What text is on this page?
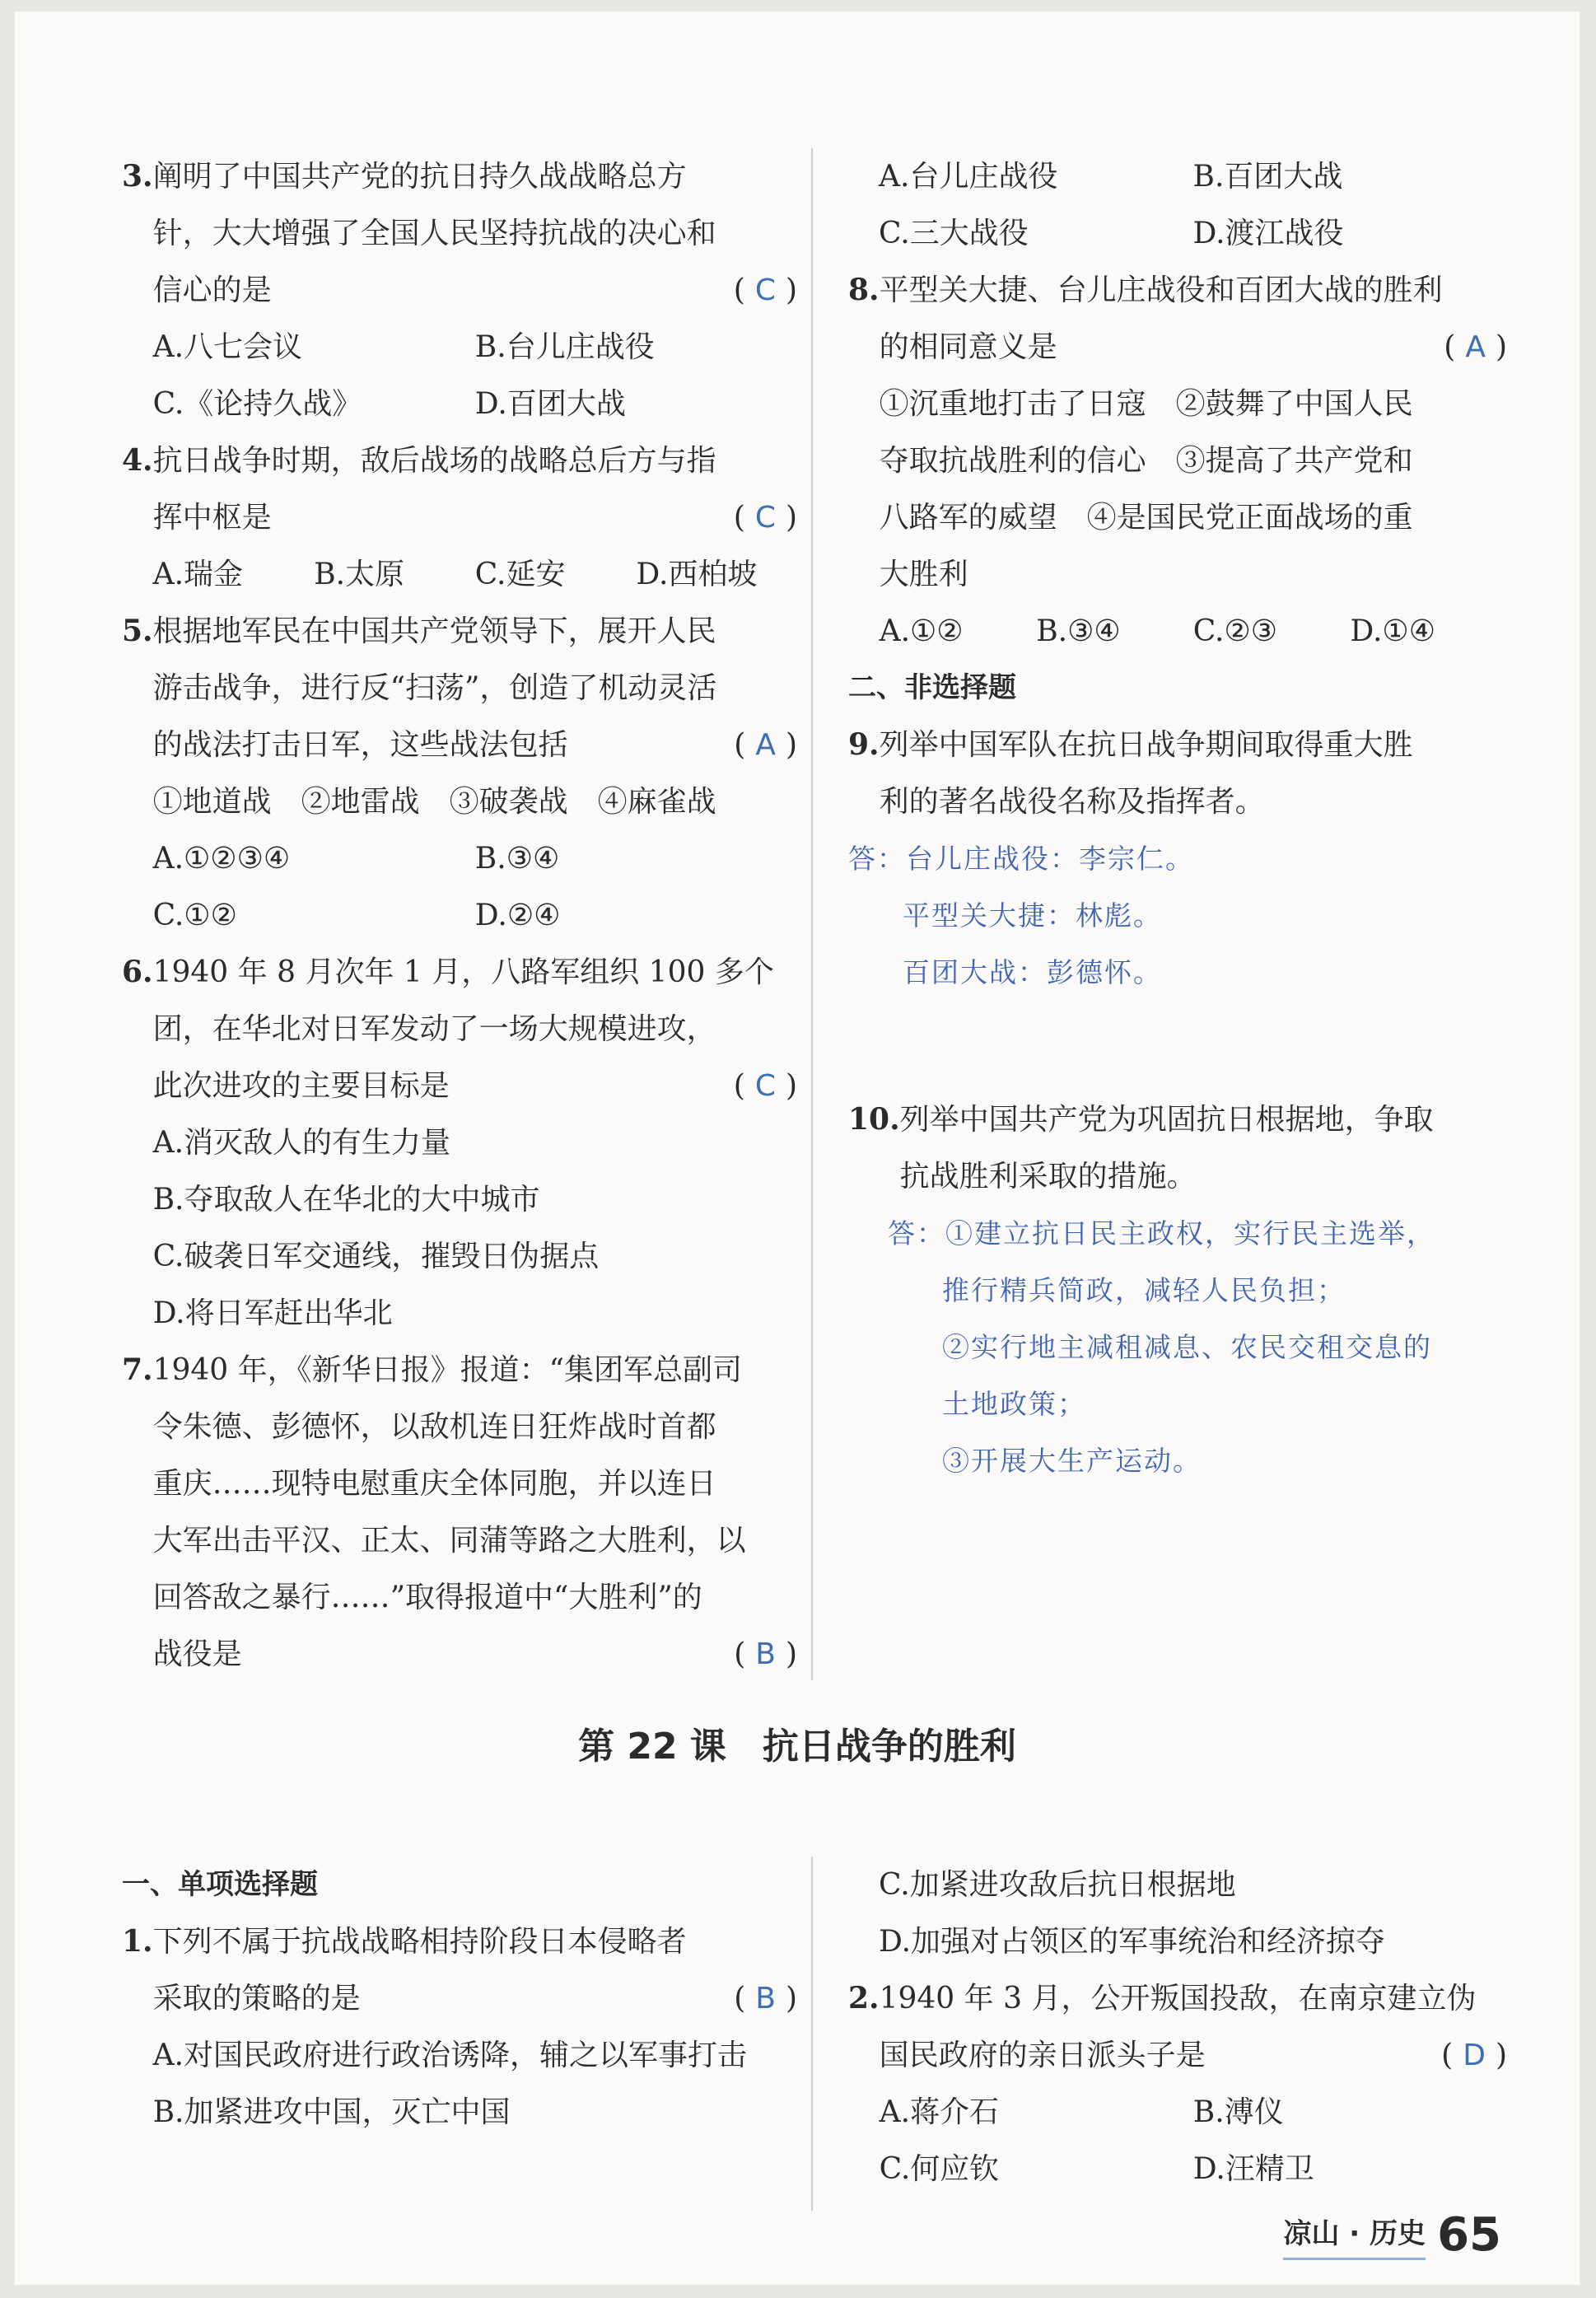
3. 阐明了中国共产党的抗日持久战战略总方
针，大大增强了全国人民坚持抗战的决心和
信心的是	( C )
A.八七会议	B.台儿庄战役
C.《论持久战》	D.百团大战
4. 抗日战争时期，敌后战场的战略总后方与指
挥中枢是	( C )
A.瑞金	B.太原	C.延安	D.西柏坡
5. 根据地军民在中国共产党领导下，展开人民
游击战争，进行反“扫荡”，创造了机动灵活
的战法打击日军，这些战法包括	( A )
①地道战　②地雷战　③破袭战　④麻雀战
A.①②③④	B.③④
C.①②	D.②④
6. 1940 年 8 月次年 1 月，八路军组织 100 多个
团，在华北对日军发动了一场大规模进攻，
此次进攻的主要目标是	( C )
A.消灭敌人的有生力量
B.夺取敌人在华北的大中城市
C.破袭日军交通线，摧毁日伪据点
D.将日军赶出华北
7. 1940 年，《新华日报》报道：“集团军总副司
令朱德、彭德怀，以敌机连日狂炸战时首都
重庆……现特电慰重庆全体同胞，并以连日
大军出击平汉、正太、同蒲等路之大胜利，以
回答敌之暴行……”取得报道中“大胜利”的
战役是	( B )
A.台儿庄战役	B.百团大战
C.三大战役	D.渡江战役
8. 平型关大捷、台儿庄战役和百团大战的胜利
的相同意义是	( A )
①沉重地打击了日寇　②鼓舞了中国人民
夺取抗战胜利的信心　③提高了共产党和
八路军的威望　④是国民党正面战场的重
大胜利
A.①②	B.③④	C.②③	D.①④
二、非选择题
9. 列举中国军队在抗日战争期间取得重大胜
利的著名战役名称及指挥者。
答：台儿庄战役：李宗仁。
平型关大捷：林彪。
百团大战：彭德怀。
10. 列举中国共产党为巩固抗日根据地，争取
抗战胜利采取的措施。
答：①建立抗日民主政权，实行民主选举，
推行精兵简政，减轻人民负担；
②实行地主减租减息、农民交租交息的
土地政策；
③开展大生产运动。
第 22 课　抗日战争的胜利
一、单项选择题
1. 下列不属于抗战战略相持阶段日本侵略者
采取的策略的是	( B )
A.对国民政府进行政治诱降，辅之以军事打击
B.加紧进攻中国，灭亡中国
C.加紧进攻敌后抗日根据地
D.加强对占领区的军事统治和经济掠夺
2. 1940 年 3 月，公开叛国投敌，在南京建立伪
国民政府的亲日派头子是	( D )
A.蒋介石	B.溥仪
C.何应钦	D.汪精卫
凉山 · 历史 65
